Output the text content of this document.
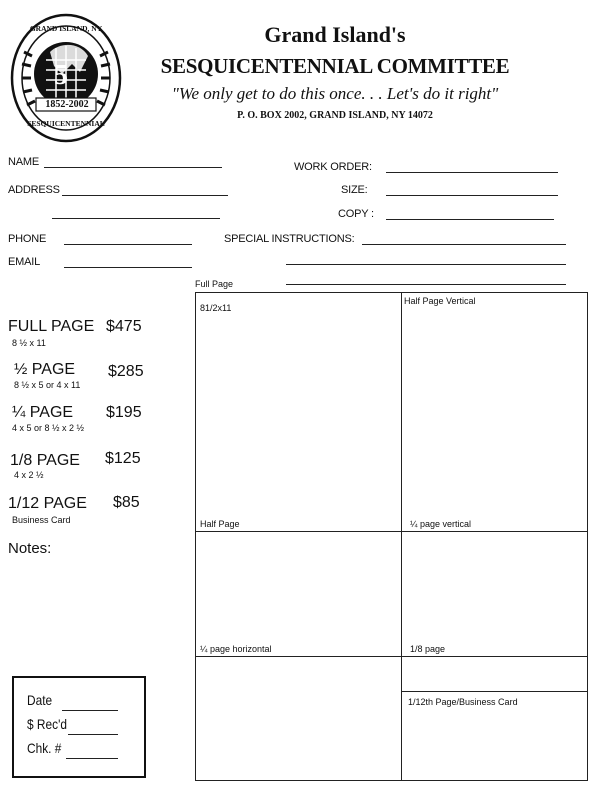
5
1852-2002
GRAND ISLAND, NY
SESQUICENTENNIAL
Grand Island's
SESQUICENTENNIAL COMMITTEE
"We only get to do this once. . . Let's do it right"
P. O. BOX 2002, GRAND ISLAND, NY 14072
NAME
ADDRESS
PHONE
EMAIL
WORK ORDER:
SIZE:
COPY :
SPECIAL INSTRUCTIONS:
Full Page
FULL PAGE $475
8 ½ x 11
½ PAGE $285
8 ½ x 5 or 4 x 11
¼ PAGE $195
4 x 5 or 8 ½ x 2 ½
1/8 PAGE $125
4 x 2 ½
1/12 PAGE $85
Business Card
Notes:
Date
$ Rec'd
Chk. #
81/2x11
Half Page Vertical
Half Page	¼ page vertical
¼ page horizontal	1/8 page
1/12th Page/Business Card
